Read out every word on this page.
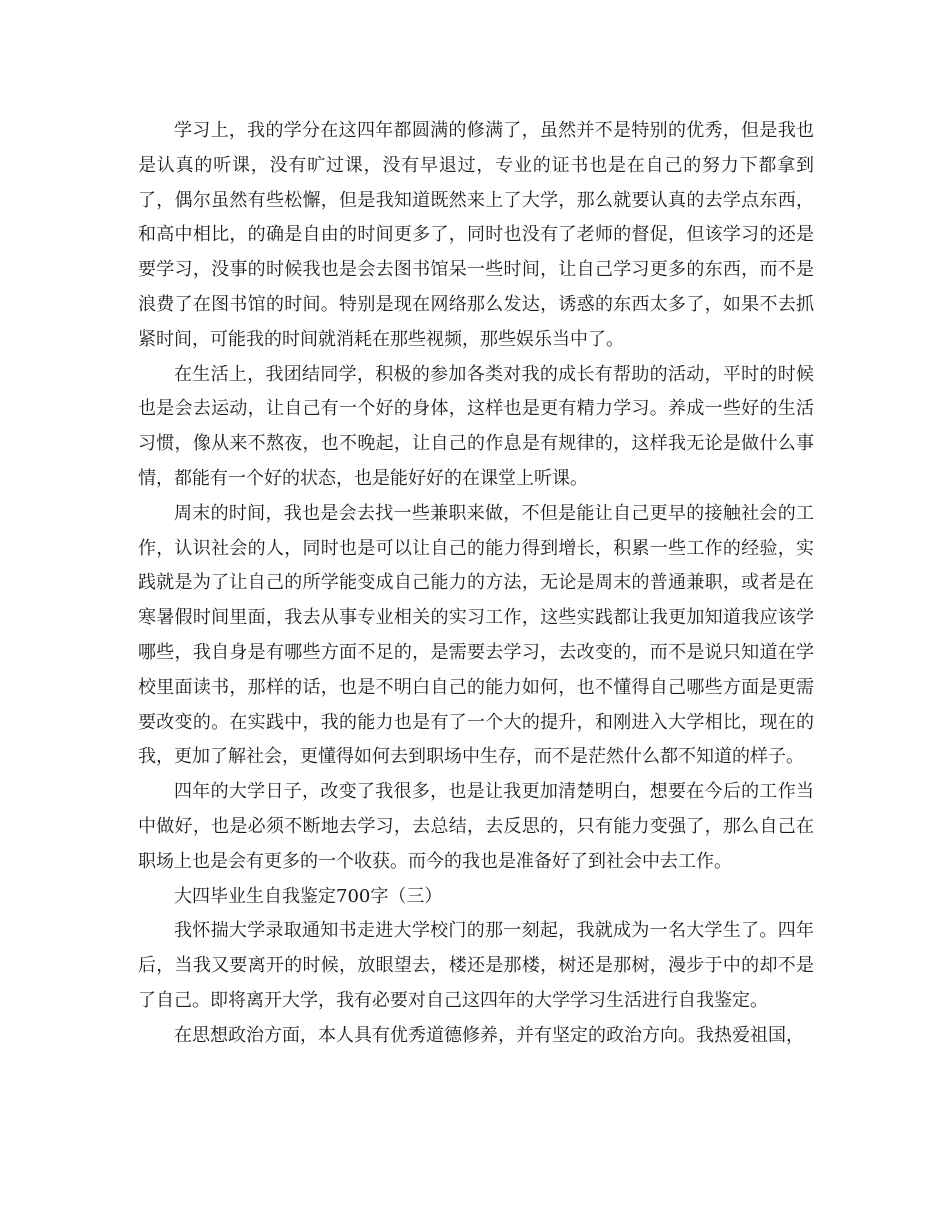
学习上，我的学分在这四年都圆满的修满了，虽然并不是特别的优秀，但是我也是认真的听课，没有旷过课，没有早退过，专业的证书也是在自己的努力下都拿到了，偶尔虽然有些松懈，但是我知道既然来上了大学，那么就要认真的去学点东西，和高中相比，的确是自由的时间更多了，同时也没有了老师的督促，但该学习的还是要学习，没事的时候我也是会去图书馆呆一些时间，让自己学习更多的东西，而不是浪费了在图书馆的时间。特别是现在网络那么发达，诱惑的东西太多了，如果不去抓紧时间，可能我的时间就消耗在那些视频，那些娱乐当中了。

在生活上，我团结同学，积极的参加各类对我的成长有帮助的活动，平时的时候也是会去运动，让自己有一个好的身体，这样也是更有精力学习。养成一些好的生活习惯，像从来不熬夜，也不晚起，让自己的作息是有规律的，这样我无论是做什么事情，都能有一个好的状态，也是能好好的在课堂上听课。

周末的时间，我也是会去找一些兼职来做，不但是能让自己更早的接触社会的工作，认识社会的人，同时也是可以让自己的能力得到增长，积累一些工作的经验，实践就是为了让自己的所学能变成自己能力的方法，无论是周末的普通兼职，或者是在寒暑假时间里面，我去从事专业相关的实习工作，这些实践都让我更加知道我应该学哪些，我自身是有哪些方面不足的，是需要去学习，去改变的，而不是说只知道在学校里面读书，那样的话，也是不明白自己的能力如何，也不懂得自己哪些方面是更需要改变的。在实践中，我的能力也是有了一个大的提升，和刚进入大学相比，现在的我，更加了解社会，更懂得如何去到职场中生存，而不是茫然什么都不知道的样子。

四年的大学日子，改变了我很多，也是让我更加清楚明白，想要在今后的工作当中做好，也是必须不断地去学习，去总结，去反思的，只有能力变强了，那么自己在职场上也是会有更多的一个收获。而今的我也是准备好了到社会中去工作。

大四毕业生自我鉴定700字（三）

我怀揣大学录取通知书走进大学校门的那一刻起，我就成为一名大学生了。四年后，当我又要离开的时候，放眼望去，楼还是那楼，树还是那树，漫步于中的却不是了自己。即将离开大学，我有必要对自己这四年的大学学习生活进行自我鉴定。

在思想政治方面，本人具有优秀道德修养，并有坚定的政治方向。我热爱祖国，
